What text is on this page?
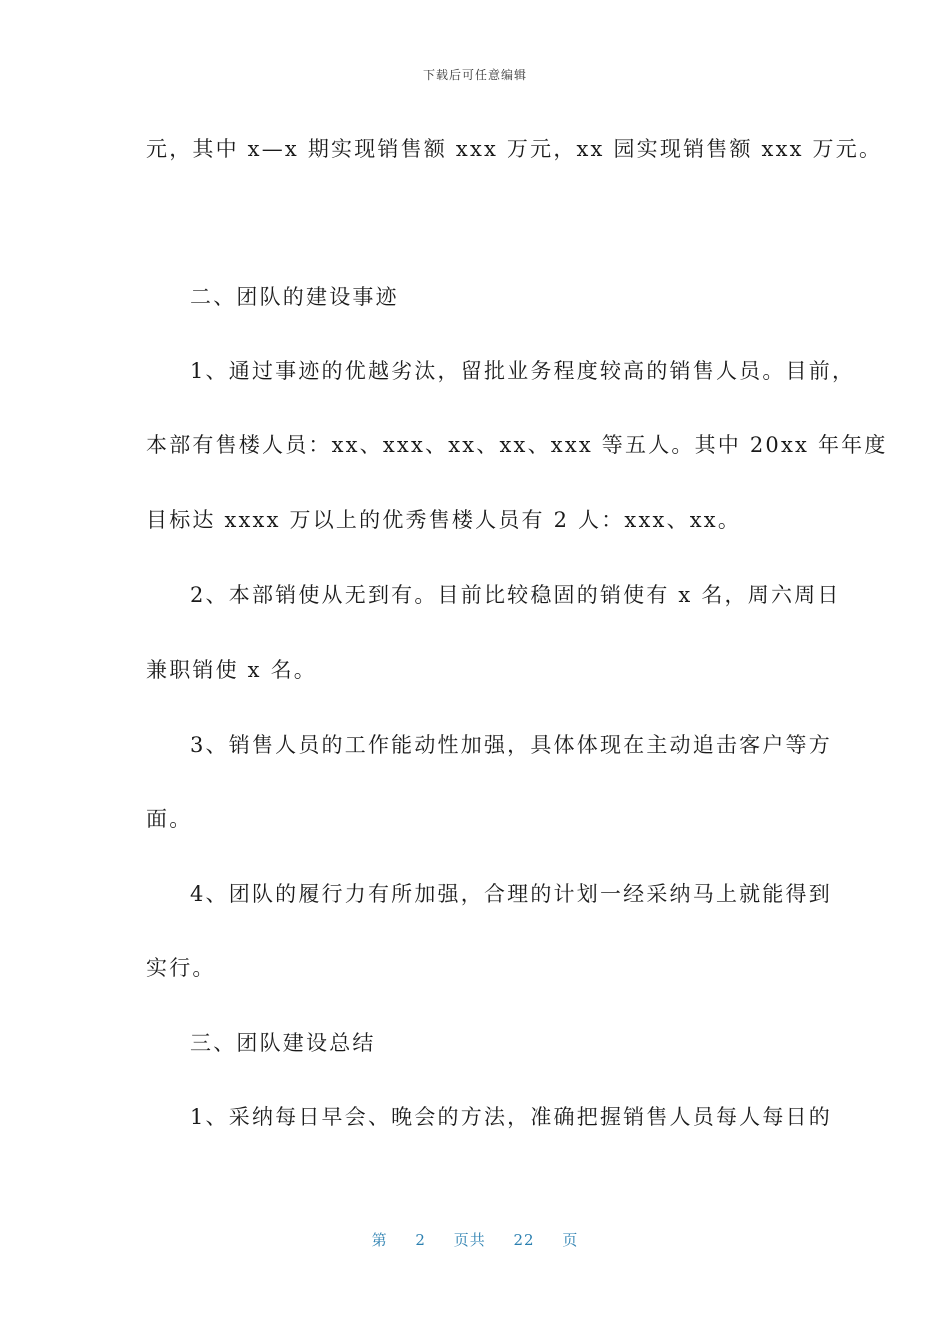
下载后可任意编辑
元，其中 x—x 期实现销售额 xxx 万元，xx 园实现销售额 xxx 万元。
二、团队的建设事迹
1、通过事迹的优越劣汰，留批业务程度较高的销售人员。目前，
本部有售楼人员：xx、xxx、xx、xx、xxx 等五人。其中 20xx 年年度
目标达 xxxx 万以上的优秀售楼人员有 2 人：xxx、xx。
2、本部销使从无到有。目前比较稳固的销使有 x 名，周六周日
兼职销使 x 名。
3、销售人员的工作能动性加强，具体体现在主动追击客户等方
面。
4、团队的履行力有所加强，合理的计划一经采纳马上就能得到
实行。
三、团队建设总结
1、采纳每日早会、晚会的方法，准确把握销售人员每人每日的
第 2 页共 22 页
